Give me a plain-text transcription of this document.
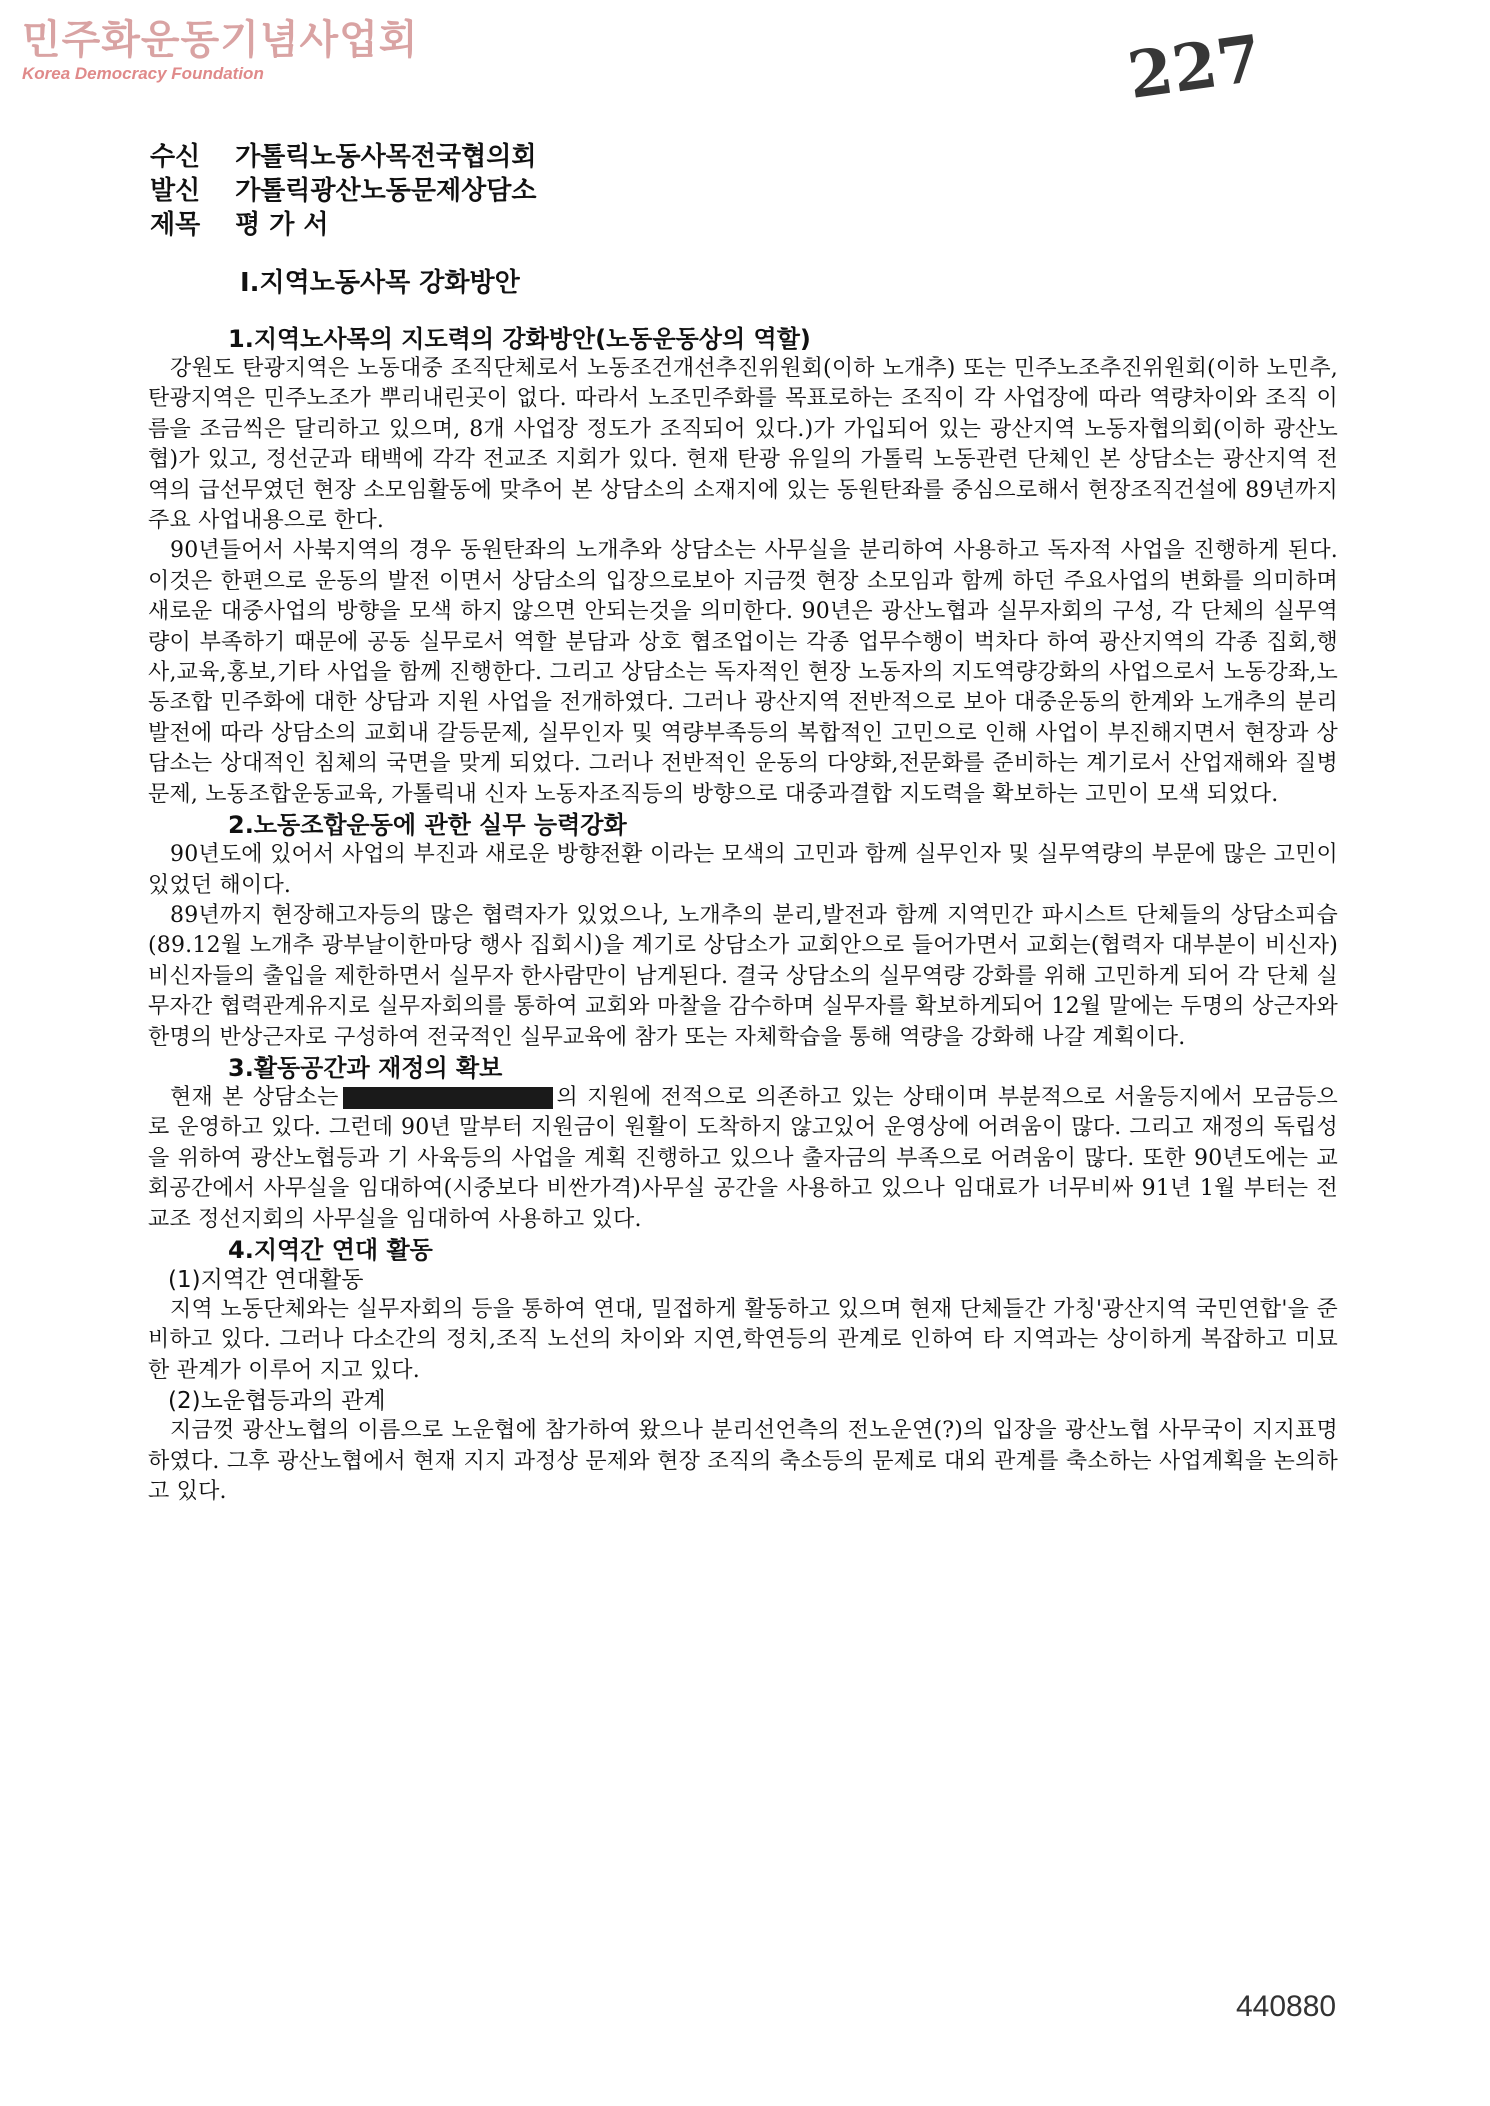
민주화운동기념사업회
Korea Democracy Foundation	227
수신 가톨릭노동사목전국협의회
발신 가톨릭광산노동문제상담소
제목 평 가 서
I.지역노동사목 강화방안
1.지역노사목의 지도력의 강화방안(노동운동상의 역할)

강원도 탄광지역은 노동대중 조직단체로서 노동조건개선추진위원회(이하 노개추) 또는 민주노조추진위원회(이하 노민추, 탄광지역은 민주노조가 뿌리내린곳이 없다. 따라서 노조민주화를 목표로하는 조직이 각 사업장에 따라 역량차이와 조직 이름을 조금씩은 달리하고 있으며, 8개 사업장 정도가 조직되어 있다.)가 가입되어 있는 광산지역 노동자협의회(이하 광산노협)가 있고, 정선군과 태백에 각각 전교조 지회가 있다. 현재 탄광 유일의 가톨릭 노동관련 단체인 본 상담소는 광산지역 전역의 급선무였던 현장 소모임활동에 맞추어 본 상담소의 소재지에 있는 동원탄좌를 중심으로해서 현장조직건설에 89년까지 주요 사업내용으로 한다.

90년들어서 사북지역의 경우 동원탄좌의 노개추와 상담소는 사무실을 분리하여 사용하고 독자적 사업을 진행하게 된다. 이것은 한편으로 운동의 발전 이면서 상담소의 입장으로보아 지금껏 현장 소모임과 함께 하던 주요사업의 변화를 의미하며 새로운 대중사업의 방향을 모색 하지 않으면 안되는것을 의미한다. 90년은 광산노협과 실무자회의 구성, 각 단체의 실무역량이 부족하기 때문에 공동 실무로서 역할 분담과 상호 협조업이는 각종 업무수행이 벅차다 하여 광산지역의 각종 집회,행사,교육,홍보,기타 사업을 함께 진행한다. 그리고 상담소는 독자적인 현장 노동자의 지도역량강화의 사업으로서 노동강좌,노동조합 민주화에 대한 상담과 지원 사업을 전개하였다. 그러나 광산지역 전반적으로 보아 대중운동의 한계와 노개추의 분리발전에 따라 상담소의 교회내 갈등문제, 실무인자 및 역량부족등의 복합적인 고민으로 인해 사업이 부진해지면서 현장과 상담소는 상대적인 침체의 국면을 맞게 되었다. 그러나 전반적인 운동의 다양화,전문화를 준비하는 계기로서 산업재해와 질병문제, 노동조합운동교육, 가톨릭내 신자 노동자조직등의 방향으로 대중과결합 지도력을 확보하는 고민이 모색 되었다.

2.노동조합운동에 관한 실무 능력강화

90년도에 있어서 사업의 부진과 새로운 방향전환 이라는 모색의 고민과 함께 실무인자 및 실무역량의 부문에 많은 고민이 있었던 해이다.

89년까지 현장해고자등의 많은 협력자가 있었으나, 노개추의 분리,발전과 함께 지역민간 파시스트 단체들의 상담소피습(89.12월 노개추 광부날이한마당 행사 집회시)을 계기로 상담소가 교회안으로 들어가면서 교회는(협력자 대부분이 비신자)비신자들의 출입을 제한하면서 실무자 한사람만이 남게된다. 결국 상담소의 실무역량 강화를 위해 고민하게 되어 각 단체 실무자간 협력관계유지로 실무자회의를 통하여 교회와 마찰을 감수하며 실무자를 확보하게되어 12월 말에는 두명의 상근자와 한명의 반상근자로 구성하여 전국적인 실무교육에 참가 또는 자체학습을 통해 역량을 강화해 나갈 계획이다.

3.활동공간과 재정의 확보

현재 본 상담소는	의 지원에 전적으로 의존하고 있는 상태이며 부분적으로 서울등지에서 모금등으로 운영하고 있다. 그런데 90년 말부터 지원금이 원활이 도착하지 않고있어 운영상에 어려움이 많다. 그리고 재정의 독립성을 위하여 광산노협등과 기 사육등의 사업을 계획 진행하고 있으나 출자금의 부족으로 어려움이 많다. 또한 90년도에는 교회공간에서 사무실을 임대하여(시중보다 비싼가격)사무실 공간을 사용하고 있으나 임대료가 너무비싸 91년 1월 부터는 전교조 정선지회의 사무실을 임대하여 사용하고 있다.

4.지역간 연대 활동
(1)지역간 연대활동

지역 노동단체와는 실무자회의 등을 통하여 연대, 밀접하게 활동하고 있으며 현재 단체들간 가칭'광산지역 국민연합'을 준비하고 있다. 그러나 다소간의 정치,조직 노선의 차이와 지연,학연등의 관계로 인하여 타 지역과는 상이하게 복잡하고 미묘한 관계가 이루어 지고 있다.

(2)노운협등과의 관계

지금껏 광산노협의 이름으로 노운협에 참가하여 왔으나 분리선언측의 전노운연(?)의 입장을 광산노협 사무국이 지지표명하였다. 그후 광산노협에서 현재 지지 과정상 문제와 현장 조직의 축소등의 문제로 대외 관계를 축소하는 사업계획을 논의하고 있다.

440880
